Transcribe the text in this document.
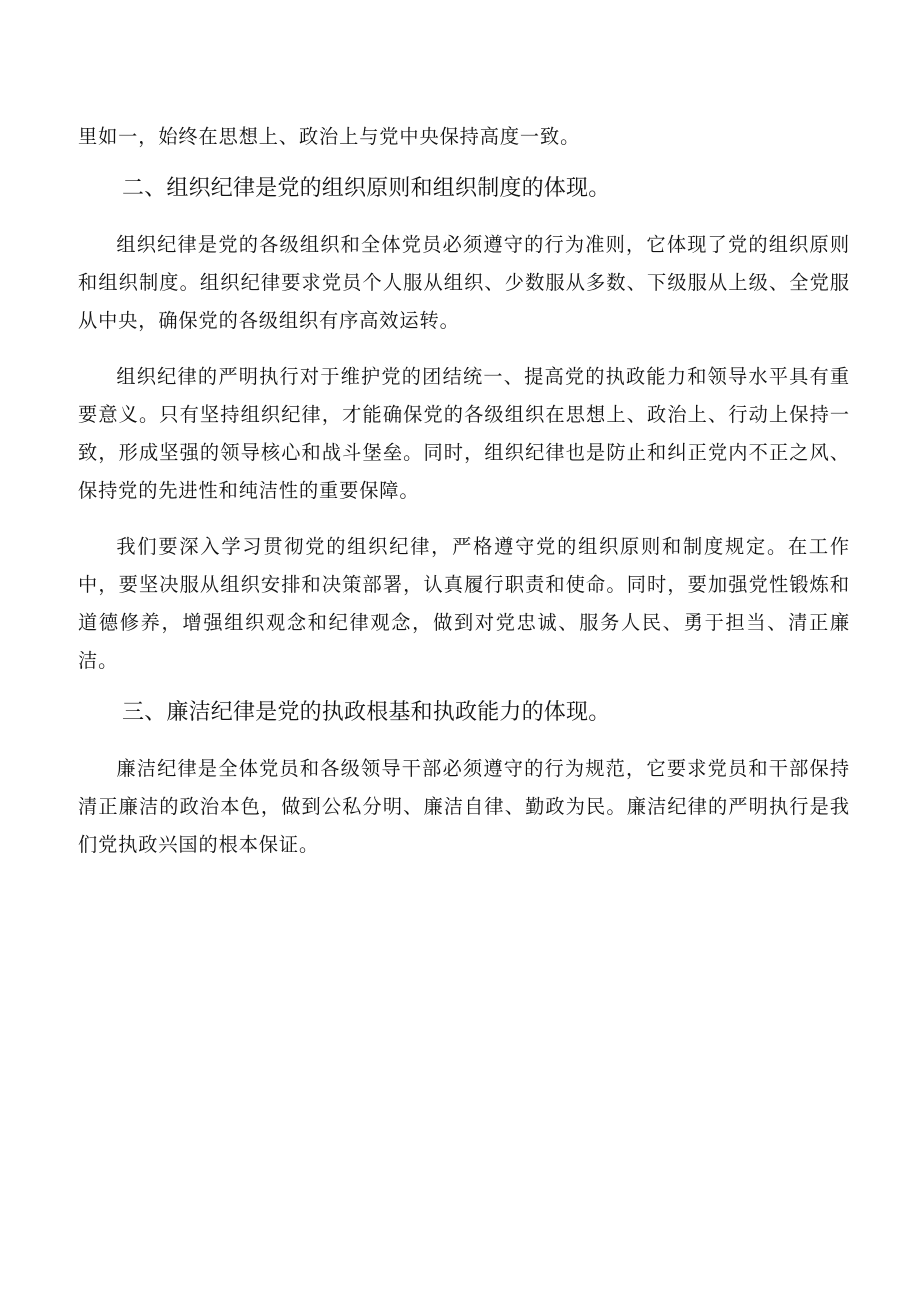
里如一，始终在思想上、政治上与党中央保持高度一致。

二、组织纪律是党的组织原则和组织制度的体现。

组织纪律是党的各级组织和全体党员必须遵守的行为准则，它体现了党的组织原则和组织制度。组织纪律要求党员个人服从组织、少数服从多数、下级服从上级、全党服从中央，确保党的各级组织有序高效运转。

组织纪律的严明执行对于维护党的团结统一、提高党的执政能力和领导水平具有重要意义。只有坚持组织纪律，才能确保党的各级组织在思想上、政治上、行动上保持一致，形成坚强的领导核心和战斗堡垒。同时，组织纪律也是防止和纠正党内不正之风、保持党的先进性和纯洁性的重要保障。

我们要深入学习贯彻党的组织纪律，严格遵守党的组织原则和制度规定。在工作中，要坚决服从组织安排和决策部署，认真履行职责和使命。同时，要加强党性锻炼和道德修养，增强组织观念和纪律观念，做到对党忠诚、服务人民、勇于担当、清正廉洁。

三、廉洁纪律是党的执政根基和执政能力的体现。

廉洁纪律是全体党员和各级领导干部必须遵守的行为规范，它要求党员和干部保持清正廉洁的政治本色，做到公私分明、廉洁自律、勤政为民。廉洁纪律的严明执行是我们党执政兴国的根本保证。
